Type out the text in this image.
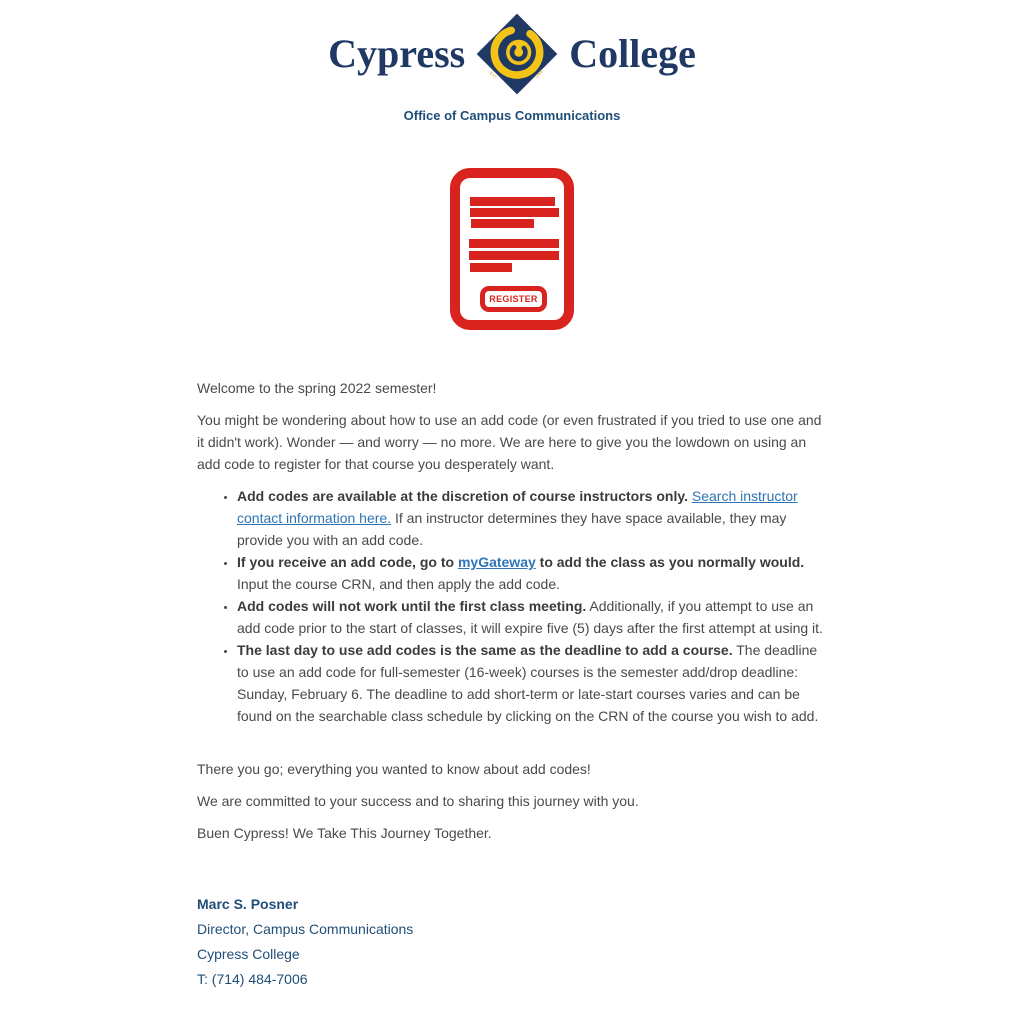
Cypress	EST.	1966 College
Office of Campus Communications
REGISTER

Welcome to the spring 2022 semester!

You might be wondering about how to use an add code (or even frustrated if you tried to use one and it didn't work). Wonder — and worry — no more. We are here to give you the lowdown on using an add code to register for that course you desperately want.

• Add codes are available at the discretion of course instructors only. Search instructor contact information here. If an instructor determines they have space available, they may provide you with an add code.
• If you receive an add code, go to myGateway to add the class as you normally would. Input the course CRN, and then apply the add code.
• Add codes will not work until the first class meeting. Additionally, if you attempt to use an add code prior to the start of classes, it will expire five (5) days after the first attempt at using it.
• The last day to use add codes is the same as the deadline to add a course. The deadline to use an add code for full-semester (16-week) courses is the semester add/drop deadline: Sunday, February 6. The deadline to add short-term or late-start courses varies and can be found on the searchable class schedule by clicking on the CRN of the course you wish to add.

There you go; everything you wanted to know about add codes!

We are committed to your success and to sharing this journey with you.

Buen Cypress! We Take This Journey Together.

Marc S. Posner

Director, Campus Communications

Cypress College

T: (714) 484-7006
